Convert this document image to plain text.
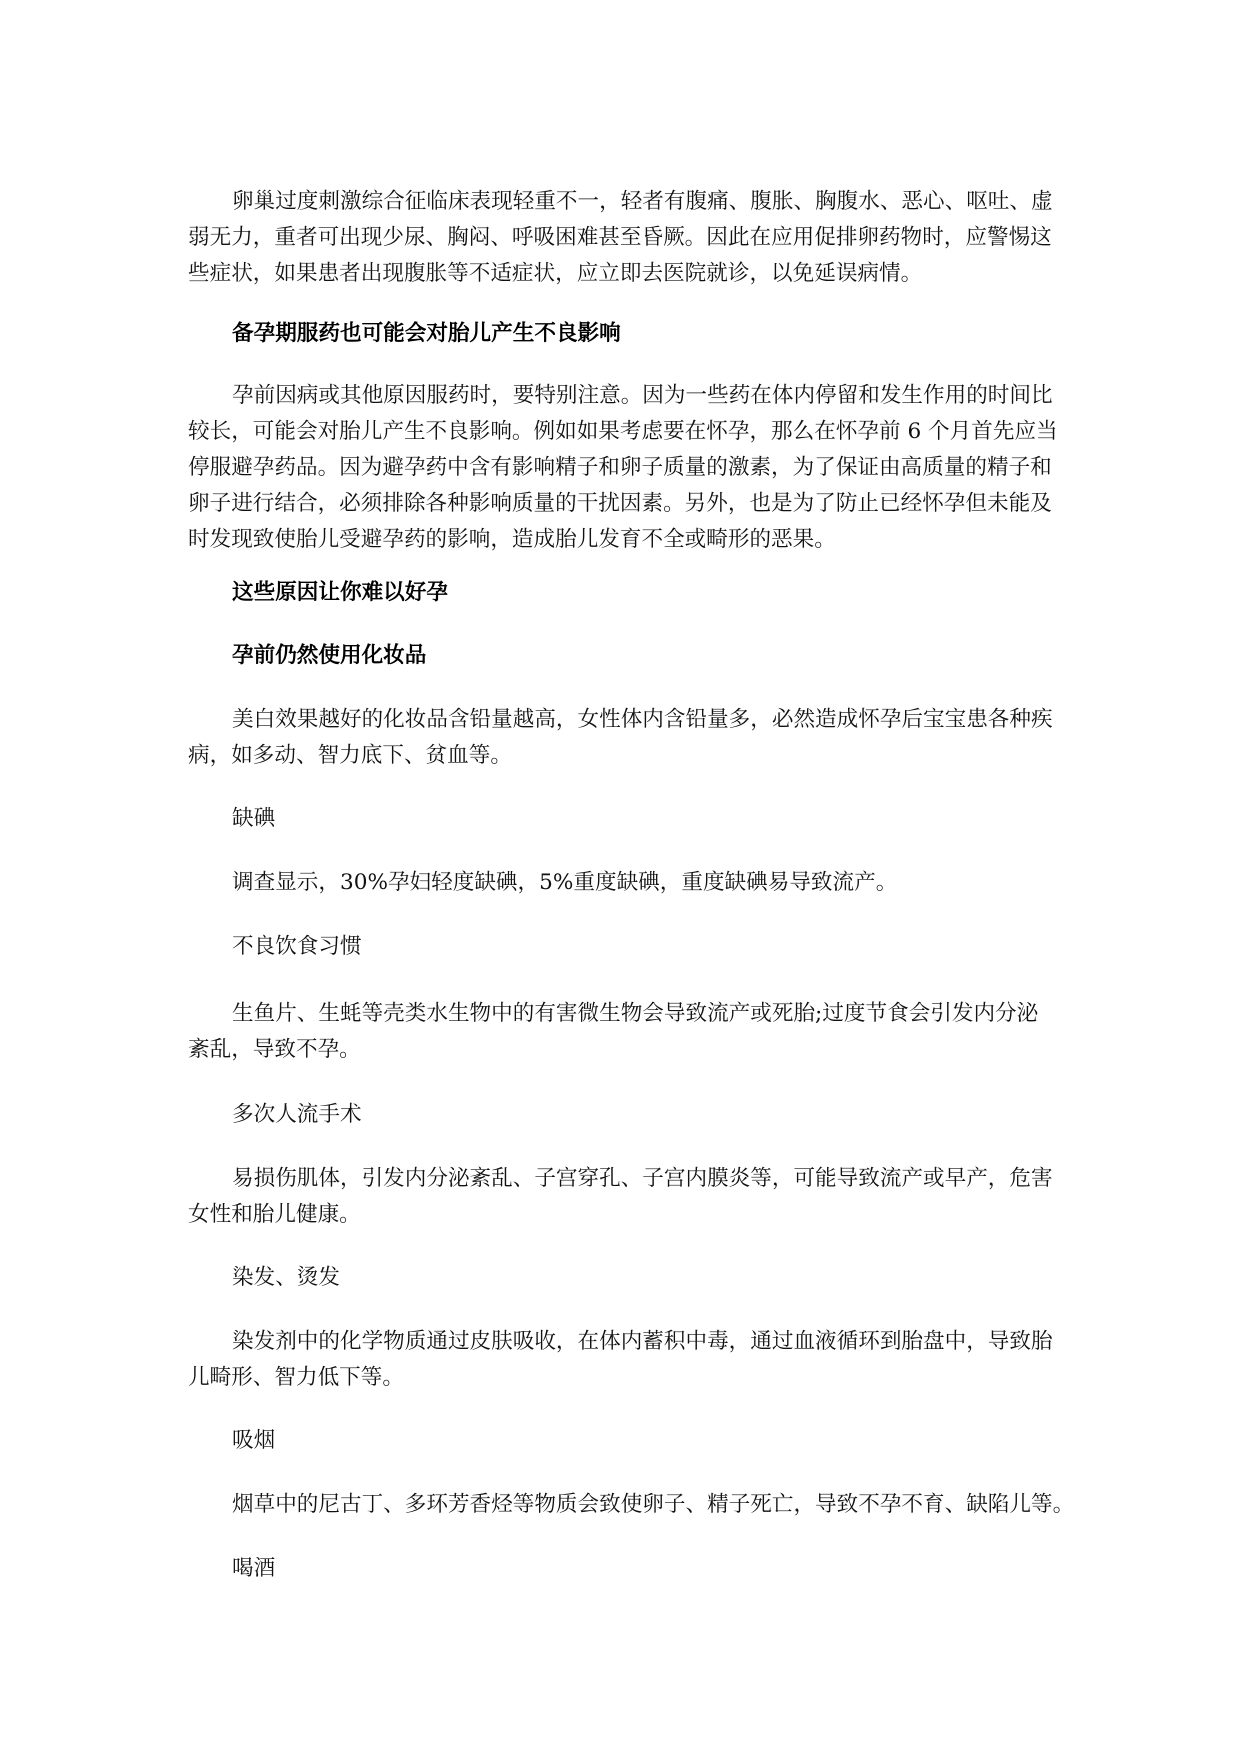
卵巢过度刺激综合征临床表现轻重不一，轻者有腹痛、腹胀、胸腹水、恶心、呕吐、虚
弱无力，重者可出现少尿、胸闷、呼吸困难甚至昏厥。因此在应用促排卵药物时，应警惕这
些症状，如果患者出现腹胀等不适症状，应立即去医院就诊，以免延误病情。
备孕期服药也可能会对胎儿产生不良影响
孕前因病或其他原因服药时，要特别注意。因为一些药在体内停留和发生作用的时间比
较长，可能会对胎儿产生不良影响。例如如果考虑要在怀孕，那么在怀孕前 6 个月首先应当
停服避孕药品。因为避孕药中含有影响精子和卵子质量的激素，为了保证由高质量的精子和
卵子进行结合，必须排除各种影响质量的干扰因素。另外，也是为了防止已经怀孕但未能及
时发现致使胎儿受避孕药的影响，造成胎儿发育不全或畸形的恶果。
这些原因让你难以好孕
孕前仍然使用化妆品
美白效果越好的化妆品含铅量越高，女性体内含铅量多，必然造成怀孕后宝宝患各种疾
病，如多动、智力底下、贫血等。
缺碘
调查显示，30%孕妇轻度缺碘，5%重度缺碘，重度缺碘易导致流产。
不良饮食习惯
生鱼片、生蚝等壳类水生物中的有害微生物会导致流产或死胎;过度节食会引发内分泌
紊乱，导致不孕。
多次人流手术
易损伤肌体，引发内分泌紊乱、子宫穿孔、子宫内膜炎等，可能导致流产或早产，危害
女性和胎儿健康。
染发、烫发
染发剂中的化学物质通过皮肤吸收，在体内蓄积中毒，通过血液循环到胎盘中，导致胎
儿畸形、智力低下等。
吸烟
烟草中的尼古丁、多环芳香烃等物质会致使卵子、精子死亡，导致不孕不育、缺陷儿等。
喝酒
